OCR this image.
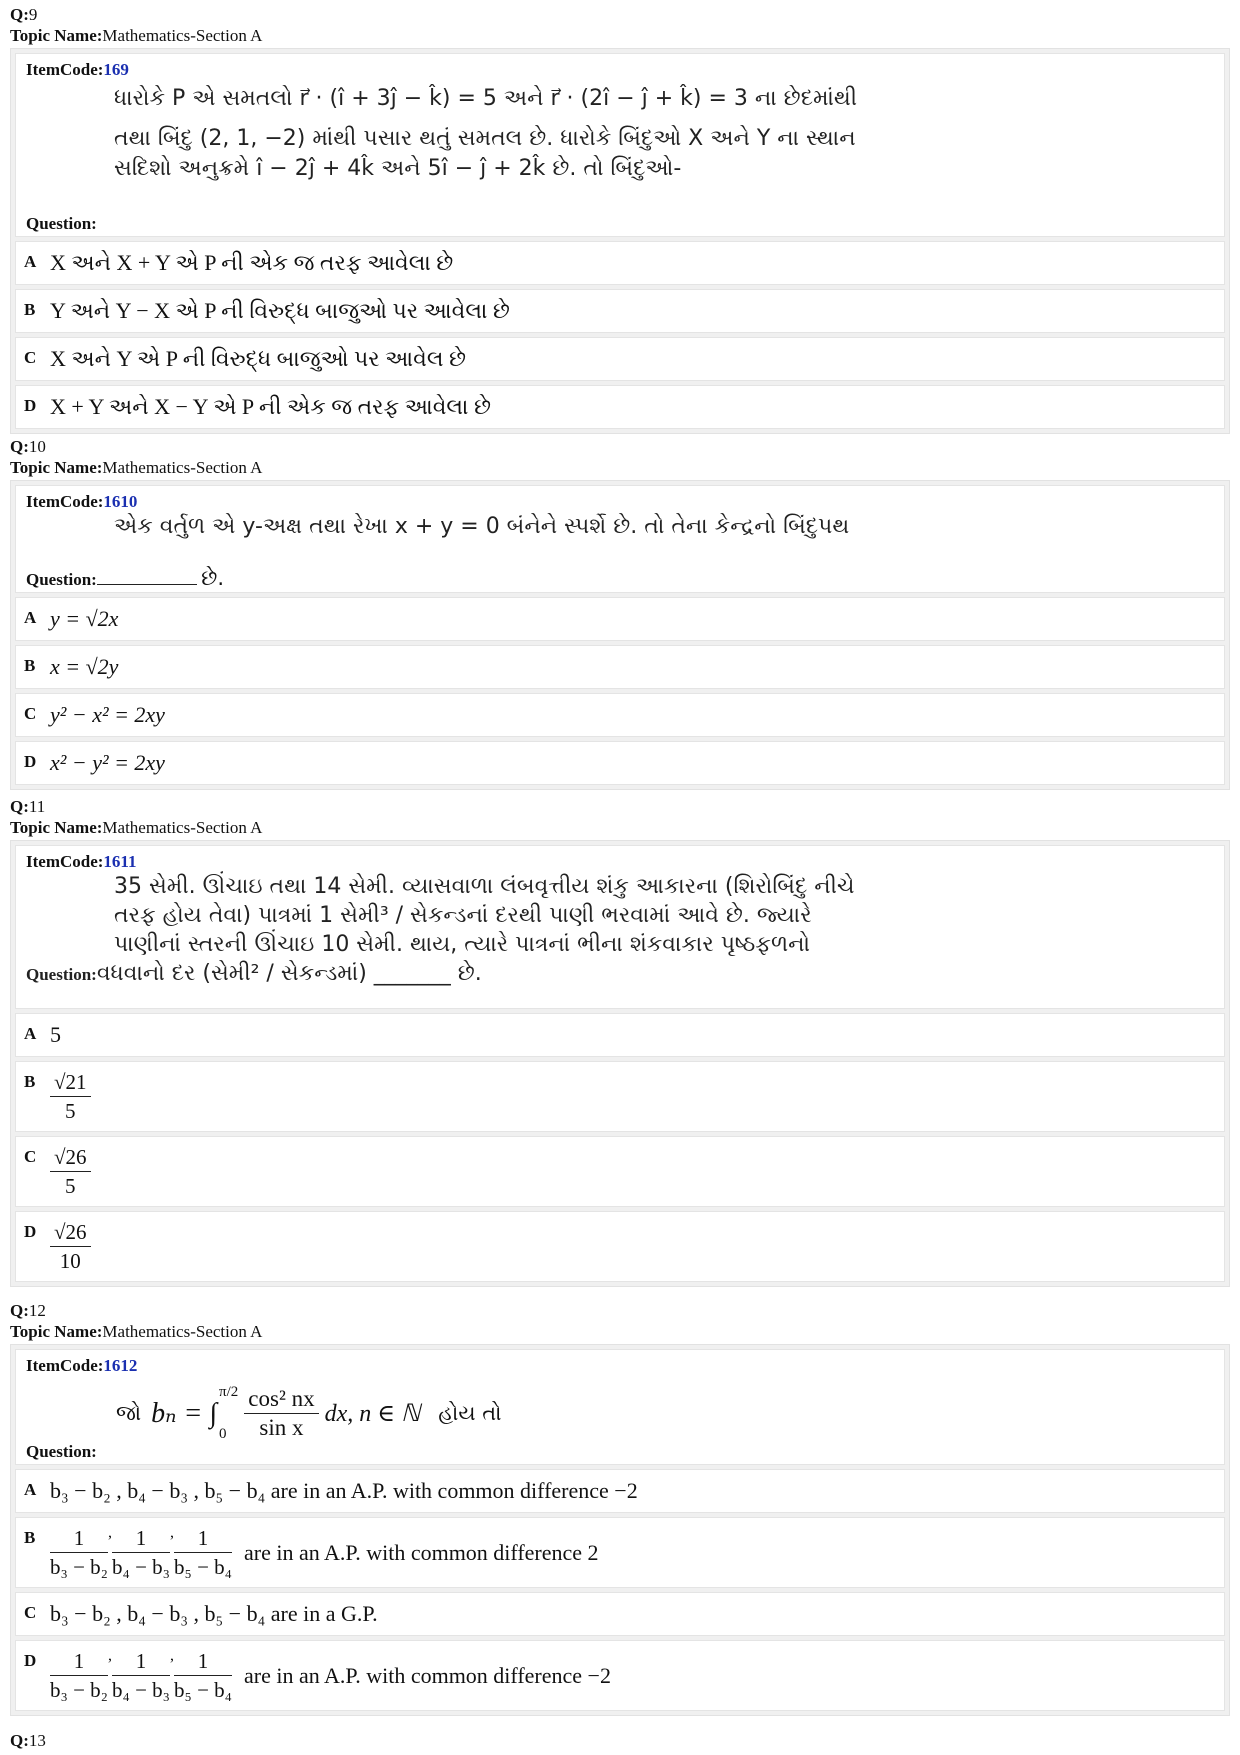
Q:9
Topic Name:Mathematics-Section A
ItemCode:169
ધારોકે P એ સમતલો r⃗ · (î + 3ĵ − k̂) = 5 અને r⃗ · (2î − ĵ + k̂) = 3 ના છેદમાંથી
તથા બિંદુ (2, 1, −2) માંથી પસાર થતું સમતલ છે. ધારોકે બિંદુઓ X અને Y ના સ્થાન
સદિશો અનુક્રમે î − 2ĵ + 4k̂ અને 5î − ĵ + 2k̂ છે. તો બિંદુઓ-
Question:
A X અને X + Y એ P ની એક જ તરફ આવેલા છે
B Y અને Y − X એ P ની વિરુદ્ધ બાજુઓ પર આવેલા છે
C X અને Y એ P ની વિરુદ્ધ બાજુઓ પર આવેલ છે
D X + Y અને X − Y એ P ની એક જ તરફ આવેલા છે
Q:10
Topic Name:Mathematics-Section A
ItemCode:1610
એક વર્તુળ એ y-અક્ષ તથા રેખા x + y = 0 બંનેને સ્પર્શે છે. તો તેના કેન્દ્રનો બિંદુપથ
Question:	છે.
A y = √2x
B x = √2y
C y² − x² = 2xy
D x² − y² = 2xy
Q:11
Topic Name:Mathematics-Section A
ItemCode:1611
35 સેમી. ઊંચાઇ તથા 14 સેમી. વ્યાસવાળા લંબવૃત્તીય શંકુ આકારના (શિરોબિંદુ નીચે
તરફ હોય તેવા) પાત્રમાં 1 સેમી³ / સેકન્ડનાં દરથી પાણી ભરવામાં આવે છે. જ્યારે
પાણીનાં સ્તરની ઊંચાઇ 10 સેમી. થાય, ત્યારે પાત્રનાં ભીના શંકવાકાર પૃષ્ઠફળનો
Question:વધવાનો દર (સેમી² / સેકન્ડમાં) _______ છે.
A 5
B $\frac{√21}{5}$
C $\frac{√26}{5}$
D $\frac{√26}{10}$
Q:12
Topic Name:Mathematics-Section A
ItemCode:1612
જો bₙ = ∫
π/2
$0 \frac{\text{cos² nx}}{\text{sin x}}$ dx, n ∈ ℕ હોય તો
Question:
A b₃ − b₂ , b₄ − b₃ , b₅ − b₄ are in an A.P. with common difference −2
B $\frac{1}{\text{b₃ − b₂}}$ , $\frac{1}{\text{b₄ − b₃}}$ , $\frac{1}{\text{b₅ − b₄}}$ are in an A.P. with common difference 2
C b₃ − b₂ , b₄ − b₃ , b₅ − b₄ are in a G.P.
D $\frac{1}{\text{b₃ − b₂}}$ , $\frac{1}{\text{b₄ − b₃}}$ , $\frac{1}{\text{b₅ − b₄}}$ are in an A.P. with common difference −2
Q:13
